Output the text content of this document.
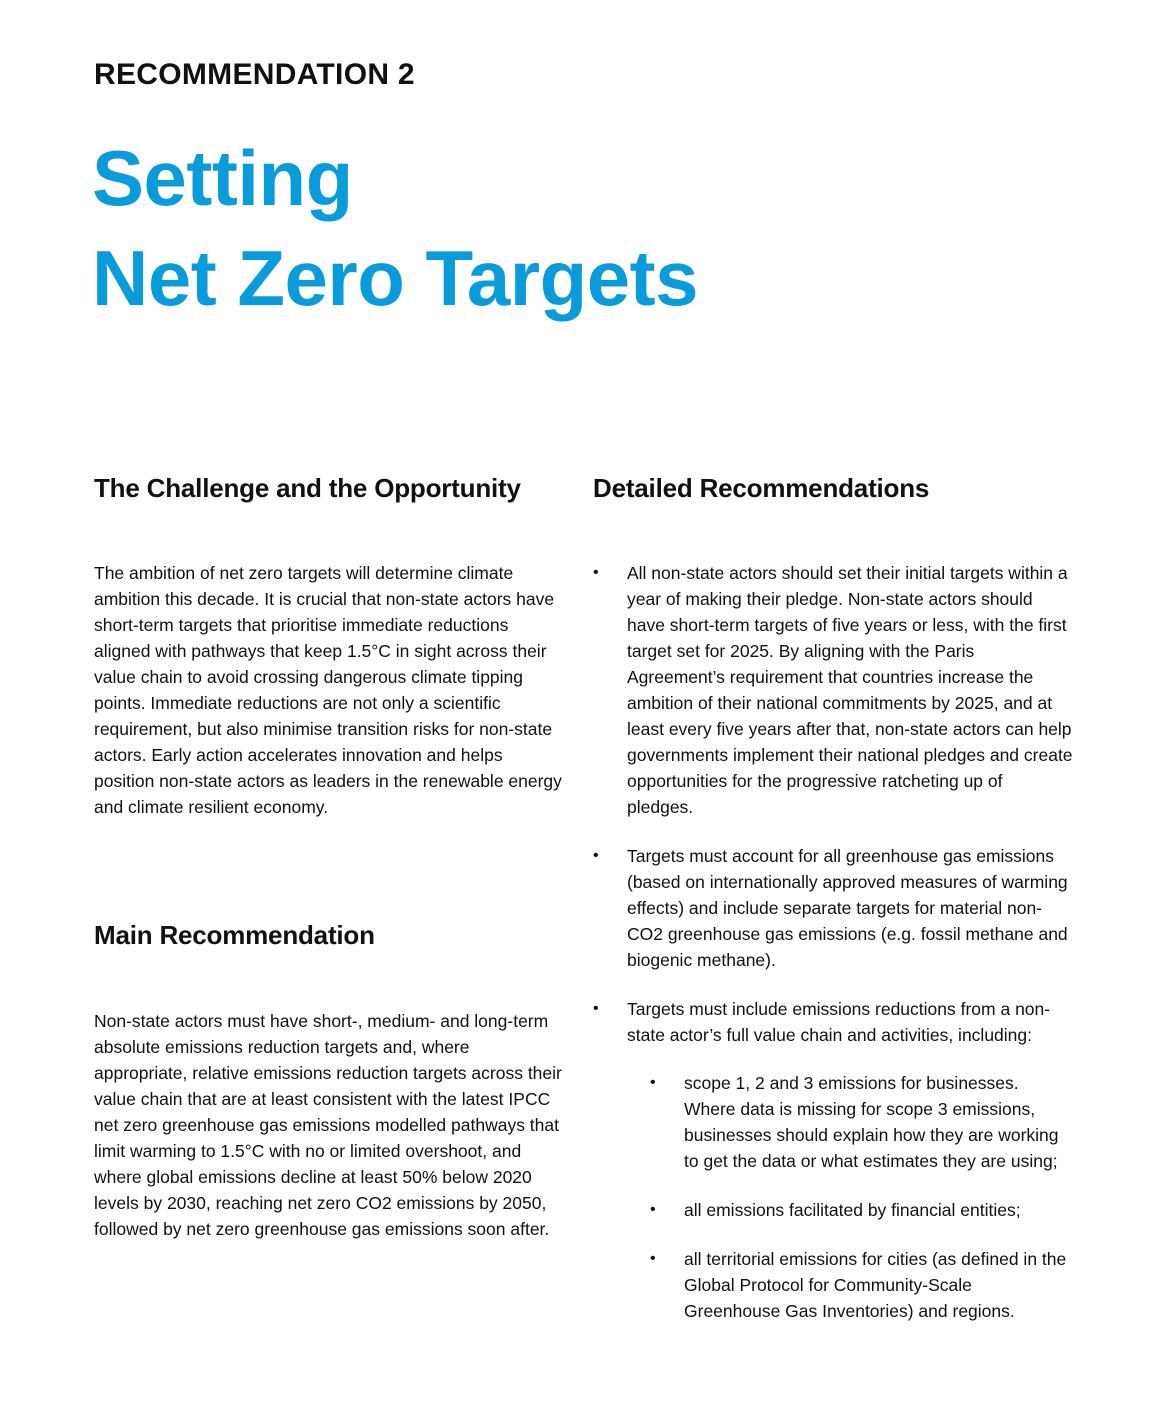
RECOMMENDATION 2

Setting
Net Zero Targets
The Challenge and the Opportunity

The ambition of net zero targets will determine climate ambition this decade. It is crucial that non-state actors have short-term targets that prioritise immediate reductions aligned with pathways that keep 1.5°C in sight across their value chain to avoid crossing dangerous climate tipping points. Immediate reductions are not only a scientific requirement, but also minimise transition risks for non-state actors. Early action accelerates innovation and helps position non-state actors as leaders in the renewable energy and climate resilient economy.

Main Recommendation

Non-state actors must have short-, medium- and long-term absolute emissions reduction targets and, where appropriate, relative emissions reduction targets across their value chain that are at least consistent with the latest IPCC net zero greenhouse gas emissions modelled pathways that limit warming to 1.5°C with no or limited overshoot, and where global emissions decline at least 50% below 2020 levels by 2030, reaching net zero CO2 emissions by 2050, followed by net zero greenhouse gas emissions soon after.

Detailed Recommendations
• All non-state actors should set their initial targets within a year of making their pledge. Non-state actors should have short-term targets of five years or less, with the first target set for 2025. By aligning with the Paris Agreement’s requirement that countries increase the ambition of their national commitments by 2025, and at least every five years after that, non-state actors can help governments implement their national pledges and create opportunities for the progressive ratcheting up of pledges.
• Targets must account for all greenhouse gas emissions (based on internationally approved measures of warming effects) and include separate targets for material non-CO2 greenhouse gas emissions (e.g. fossil methane and biogenic methane).
• Targets must include emissions reductions from a non-state actor’s full value chain and activities, including:
• scope 1, 2 and 3 emissions for businesses. Where data is missing for scope 3 emissions, businesses should explain how they are working to get the data or what estimates they are using;
• all emissions facilitated by financial entities;
• all territorial emissions for cities (as defined in the Global Protocol for Community-Scale Greenhouse Gas Inventories) and regions.
